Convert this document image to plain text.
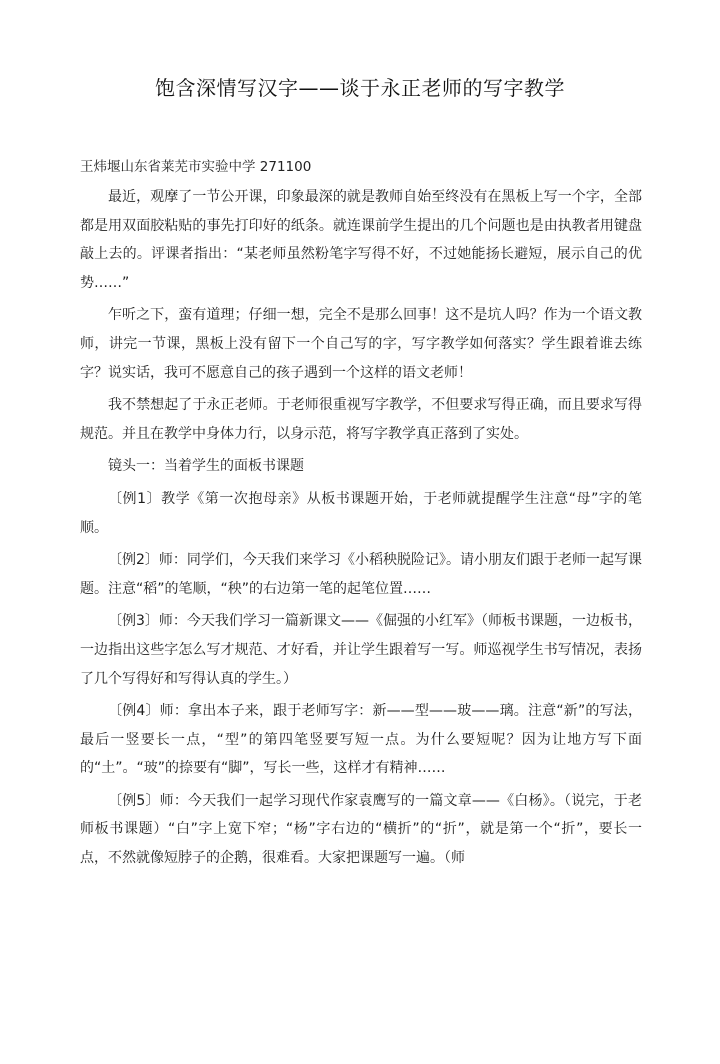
饱含深情写汉字——谈于永正老师的写字教学
王炜堰山东省莱芜市实验中学 271100

最近，观摩了一节公开课，印象最深的就是教师自始至终没有在黑板上写一个字，全部都是用双面胶粘贴的事先打印好的纸条。就连课前学生提出的几个问题也是由执教者用键盘敲上去的。评课者指出：“某老师虽然粉笔字写得不好，不过她能扬长避短，展示自己的优势……”

乍听之下，蛮有道理；仔细一想，完全不是那么回事！这不是坑人吗？作为一个语文教师，讲完一节课，黑板上没有留下一个自己写的字，写字教学如何落实？学生跟着谁去练字？说实话，我可不愿意自己的孩子遇到一个这样的语文老师！

我不禁想起了于永正老师。于老师很重视写字教学，不但要求写得正确，而且要求写得规范。并且在教学中身体力行，以身示范，将写字教学真正落到了实处。

镜头一：当着学生的面板书课题

〔例1〕教学《第一次抱母亲》从板书课题开始，于老师就提醒学生注意“母”字的笔顺。

〔例2〕师：同学们，今天我们来学习《小稻秧脱险记》。请小朋友们跟于老师一起写课题。注意“稻”的笔顺，“秧”的右边第一笔的起笔位置……

〔例3〕师：今天我们学习一篇新课文——《倔强的小红军》（师板书课题，一边板书，一边指出这些字怎么写才规范、才好看，并让学生跟着写一写。师巡视学生书写情况，表扬了几个写得好和写得认真的学生。）

〔例4〕师：拿出本子来，跟于老师写字：新——型——玻——璃。注意“新”的写法，最后一竖要长一点，“型”的第四笔竖要写短一点。为什么要短呢？因为让地方写下面的“土”。“玻”的捺要有“脚”，写长一些，这样才有精神……

〔例5〕师：今天我们一起学习现代作家袁鹰写的一篇文章——《白杨》。（说完，于老师板书课题）“白”字上宽下窄；“杨”字右边的“横折”的“折”，就是第一个“折”，要长一点，不然就像短脖子的企鹅，很难看。大家把课题写一遍。（师
